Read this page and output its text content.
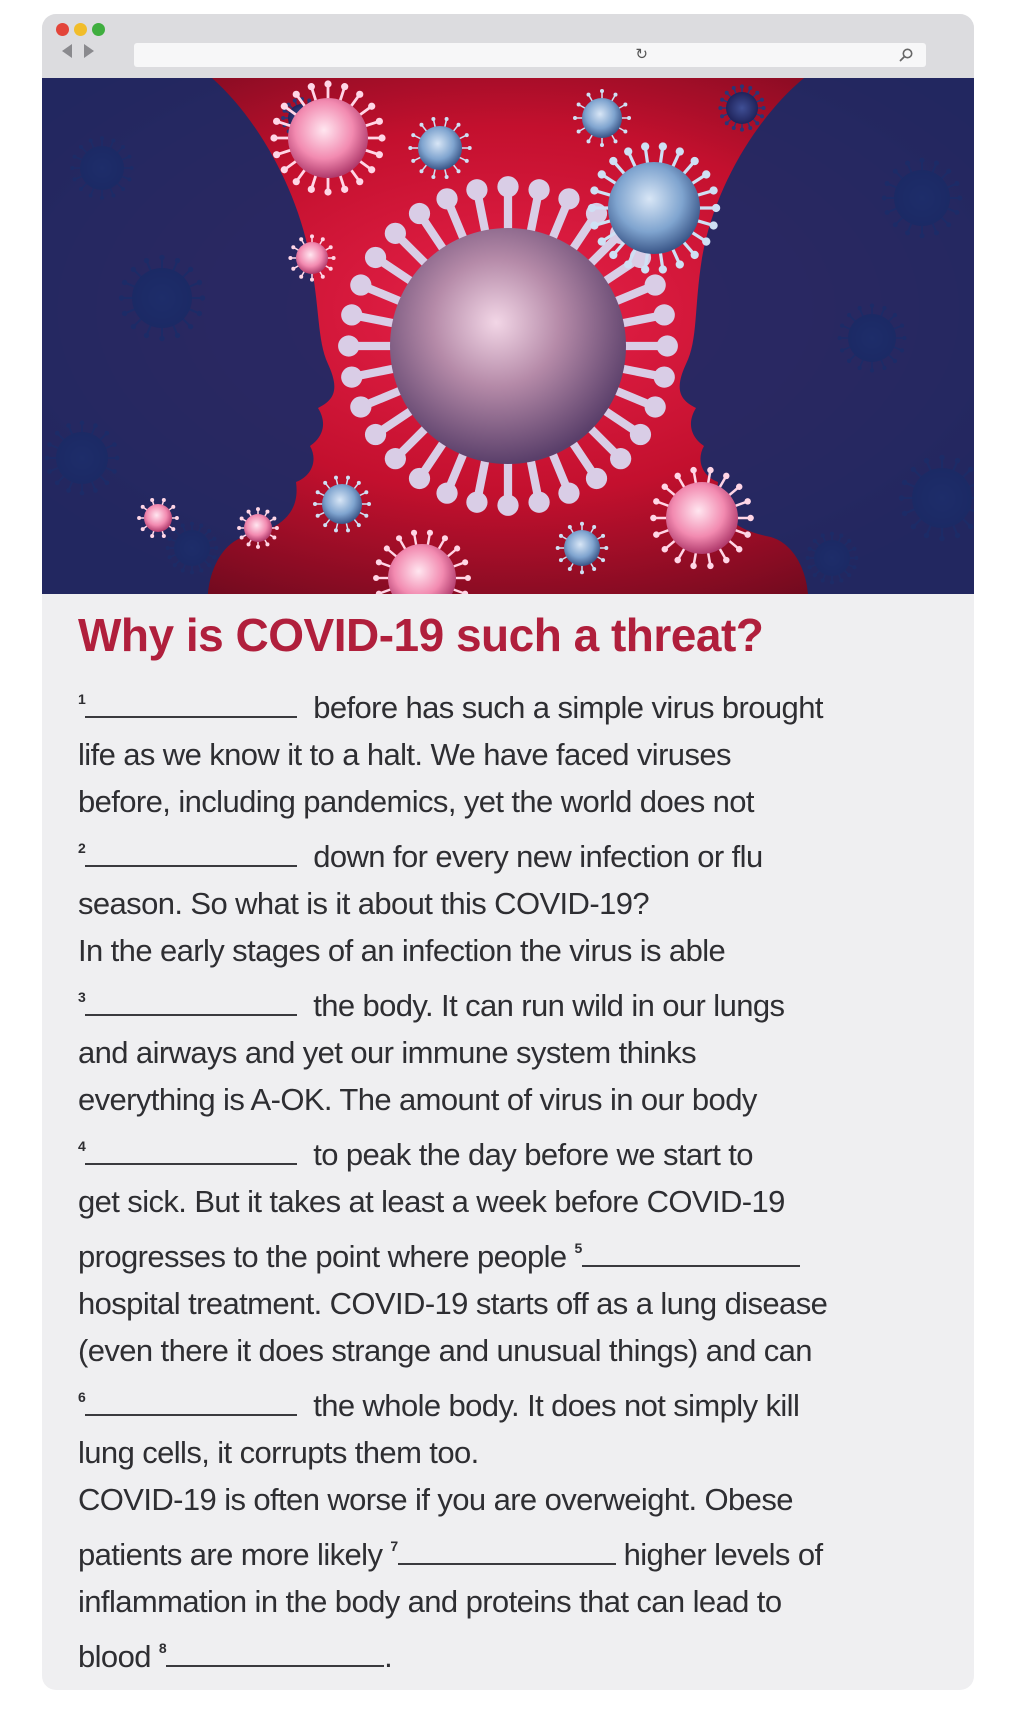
↻
Why is COVID-19 such a threat?
$^1$	before has such a simple virus brought
life as we know it to a halt. We have faced viruses
before, including pandemics, yet the world does not
$^2$	down for every new infection or flu
season. So what is it about this COVID-19?
In the early stages of an infection the virus is able
$^3$	the body. It can run wild in our lungs
and airways and yet our immune system thinks
everything is A-OK. The amount of virus in our body
$^4$	to peak the day before we start to
get sick. But it takes at least a week before COVID-19
progresses to the point where people $^5$
hospital treatment. COVID-19 starts off as a lung disease
(even there it does strange and unusual things) and can
$^6$	the whole body. It does not simply kill
lung cells, it corrupts them too.
COVID-19 is often worse if you are overweight. Obese
patients are more likely $^7$	higher levels of
inflammation in the body and proteins that can lead to
blood $^8$	.
